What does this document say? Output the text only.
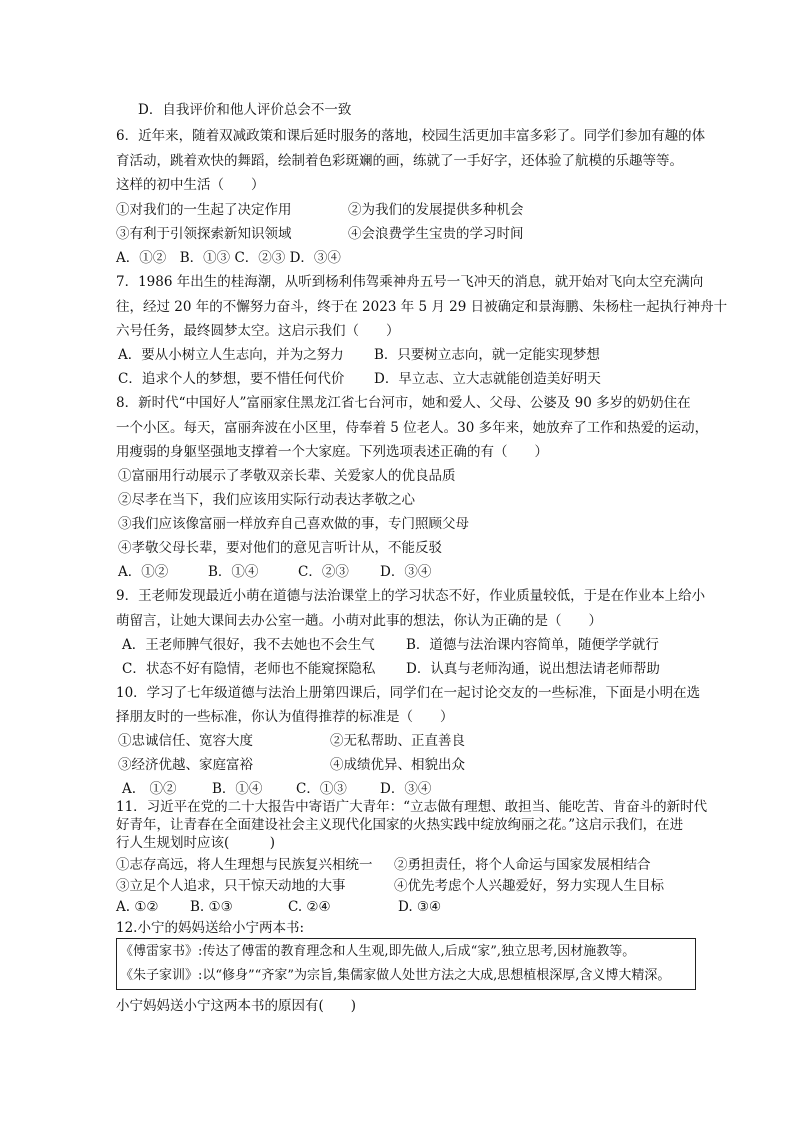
D．自我评价和他人评价总会不一致
6．近年来，随着双减政策和课后延时服务的落地，校园生活更加丰富多彩了。同学们参加有趣的体
育活动，跳着欢快的舞蹈，绘制着色彩斑斓的画，练就了一手好字，还体验了航模的乐趣等等。
这样的初中生活（　　）
①对我们的一生起了决定作用	②为我们的发展提供多种机会
③有利于引领探索新知识领域	④会浪费学生宝贵的学习时间
A．①②　B．①③ C．②③ D．③④
7．1986 年出生的桂海潮，从听到杨利伟驾乘神舟五号一飞冲天的消息，就开始对飞向太空充满向
往，经过 20 年的不懈努力奋斗，终于在 2023 年 5 月 29 日被确定和景海鹏、朱杨柱一起执行神舟十
六号任务，最终圆梦太空。这启示我们（　　）
A．要从小树立人生志向，并为之努力 B．只要树立志向，就一定能实现梦想
C．追求个人的梦想，要不惜任何代价 D．早立志、立大志就能创造美好明天
8．新时代“中国好人”富丽家住黑龙江省七台河市，她和爱人、父母、公婆及 90 多岁的奶奶住在
一个小区。每天，富丽奔波在小区里，侍奉着 5 位老人。30 多年来，她放弃了工作和热爱的运动，
用瘦弱的身躯坚强地支撑着一个大家庭。下列选项表述正确的有（　　）
①富丽用行动展示了孝敬双亲长辈、关爱家人的优良品质
②尽孝在当下，我们应该用实际行动表达孝敬之心
③我们应该像富丽一样放弃自己喜欢做的事，专门照顾父母
④孝敬父母长辈，要对他们的意见言听计从，不能反驳
A．①②	B．①④	C．②③ D．③④
9．王老师发现最近小萌在道德与法治课堂上的学习状态不好，作业质量较低，于是在作业本上给小
萌留言，让她大课间去办公室一趟。小萌对此事的想法，你认为正确的是（　　）
A．王老师脾气很好，我不去她也不会生气 B．道德与法治课内容简单，随便学学就行
C．状态不好有隐情，老师也不能窥探隐私 D．认真与老师沟通，说出想法请老师帮助
10．学习了七年级道德与法治上册第四课后，同学们在一起讨论交友的一些标准，下面是小明在选
择朋友时的一些标准，你认为值得推荐的标准是（　　）
①忠诚信任、宽容大度	②无私帮助、正直善良
③经济优越、家庭富裕	④成绩优异、相貌出众
A.　①②	B．①④ C．①③ D．③④
11．习近平在党的二十大报告中寄语广大青年：“立志做有理想、敢担当、能吃苦、肯奋斗的新时代
好青年，让青春在全面建设社会主义现代化国家的火热实践中绽放绚丽之花。”这启示我们，在进
行人生规划时应该(　　　)
①志存高远，将人生理想与民族复兴相统一 ②勇担责任，将个人命运与国家发展相结合
③立足个人追求，只干惊天动地的大事	④优先考虑个人兴趣爱好，努力实现人生目标
A. ①② B. ①③	C. ②④	D. ③④
12.小宁的妈妈送给小宁两本书:
《傅雷家书》:传达了傅雷的教育理念和人生观,即先做人,后成“家”,独立思考,因材施教等。
《朱子家训》:以“修身”“齐家”为宗旨,集儒家做人处世方法之大成,思想植根深厚,含义博大精深。
小宁妈妈送小宁这两本书的原因有(　　)
